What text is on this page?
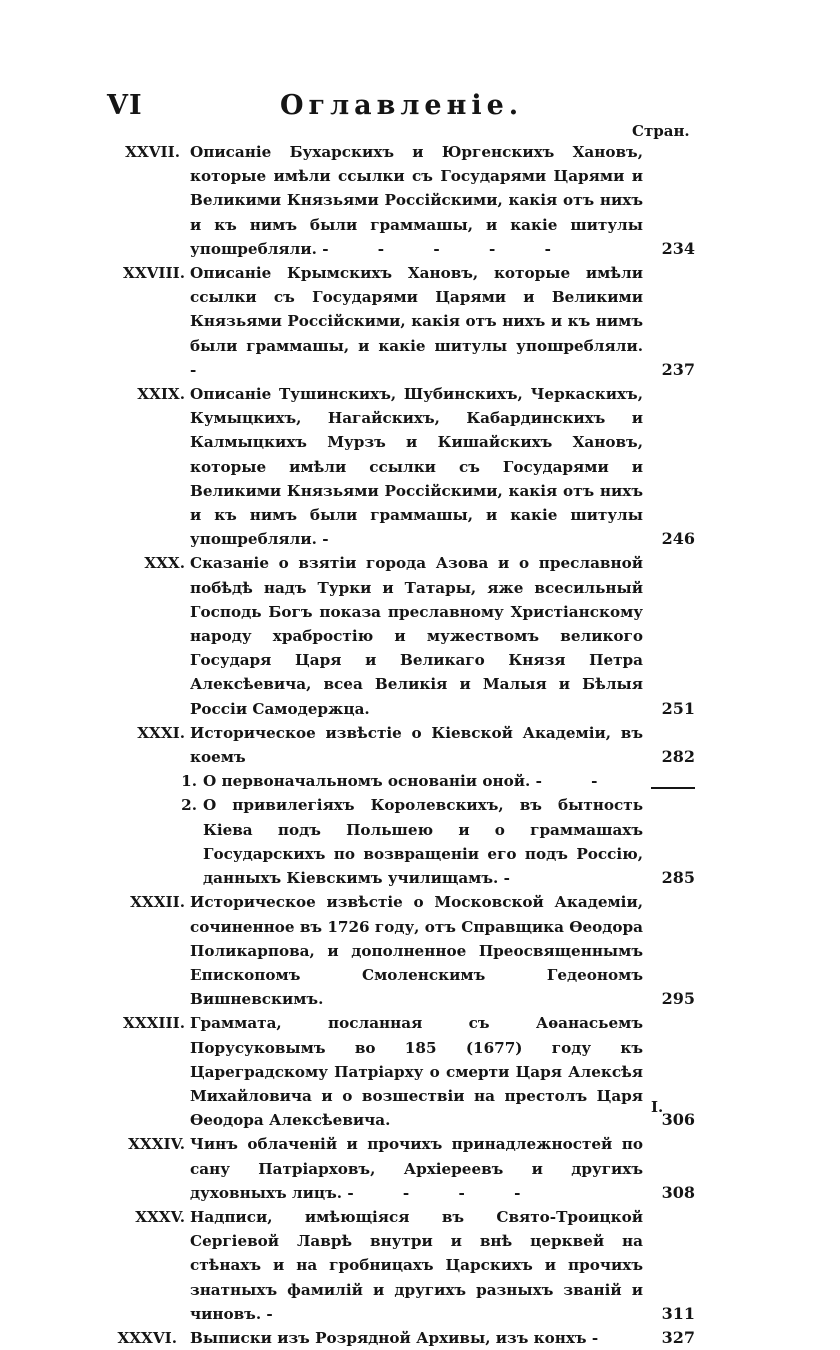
VI	Оглавленіе.
Стран.
XXVII. Описаніе Бухарскихъ и Юргенскихъ Хановъ, которые имѣли ссылки съ Государями Царями и Великими Князьями Россійскими, какія отъ нихъ и къ нимъ были граммашы, и какіе шитулы упошребляли. - - - - -	234
XXVIII. Описаніе Крымскихъ Хановъ, которые имѣли ссылки съ Государями Царями и Великими Князьями Россійскими, какія отъ нихъ и къ нимъ были граммашы, и какіе шитулы упошребляли. -	237
XXIX. Описаніе Тушинскихъ, Шубинскихъ, Черкаскихъ, Кумыцкихъ, Нагайскихъ, Кабардинскихъ и Калмыцкихъ Мурзъ и Кишайскихъ Хановъ, которые имѣли ссылки съ Государями и Великими Князьями Россійскими, какія отъ нихъ и къ нимъ были граммашы, и какіе шитулы упошребляли. -	246
XXX. Сказаніе о взятіи города Азова и о преславной побѣдѣ надъ Турки и Татары, яже всесильный Господь Богъ показа преславному Христіанскому народу храбростію и мужествомъ великого Государя Царя и Великаго Князя Петра Алексѣевича, всеа Великія и Малыя и Бѣлыя Россіи Самодержца.	251
XXXI. Историческое извѣстіе о Кіевской Академіи, въ коемъ	282
1. О первоначальномъ основаніи оной. - -
2. О привилегіяхъ Королевскихъ, въ бытность Кіева подъ Польшею и о граммашахъ Государскихъ по возвращеніи его подъ Россію, данныхъ Кіевскимъ училищамъ. -	285
XXXII. Историческое извѣстіе о Московской Академіи, сочиненное въ 1726 году, отъ Справщика Ѳеодора Поликарпова, и дополненное Преосвященнымъ Епископомъ Смоленскимъ Гедеономъ Вишневскимъ.	295
XXXIII. Граммата, посланная съ Аѳанасьемъ Порусуковымъ во 185 (1677) году къ Цареградскому Патріарху о смерти Царя Алексѣя Михайловича и о возшествіи на престолъ Царя Ѳеодора Алексѣевича.	306
XXXIV. Чинъ облаченій и прочихъ принадлежностей по сану Патріарховъ, Архіереевъ и другихъ духовныхъ лицъ. - - - -	308
XXXV. Надписи, имѣющіяся въ Свято-Троицкой Сергіевой Лаврѣ внутри и внѣ церквей на стѣнахъ и на гробницахъ Царскихъ и прочихъ знатныхъ фамилій и другихъ разныхъ званій и чиновъ. -	311
XXXVI. Выписки изъ Розрядной Архивы, изъ конхъ -	327
I.
